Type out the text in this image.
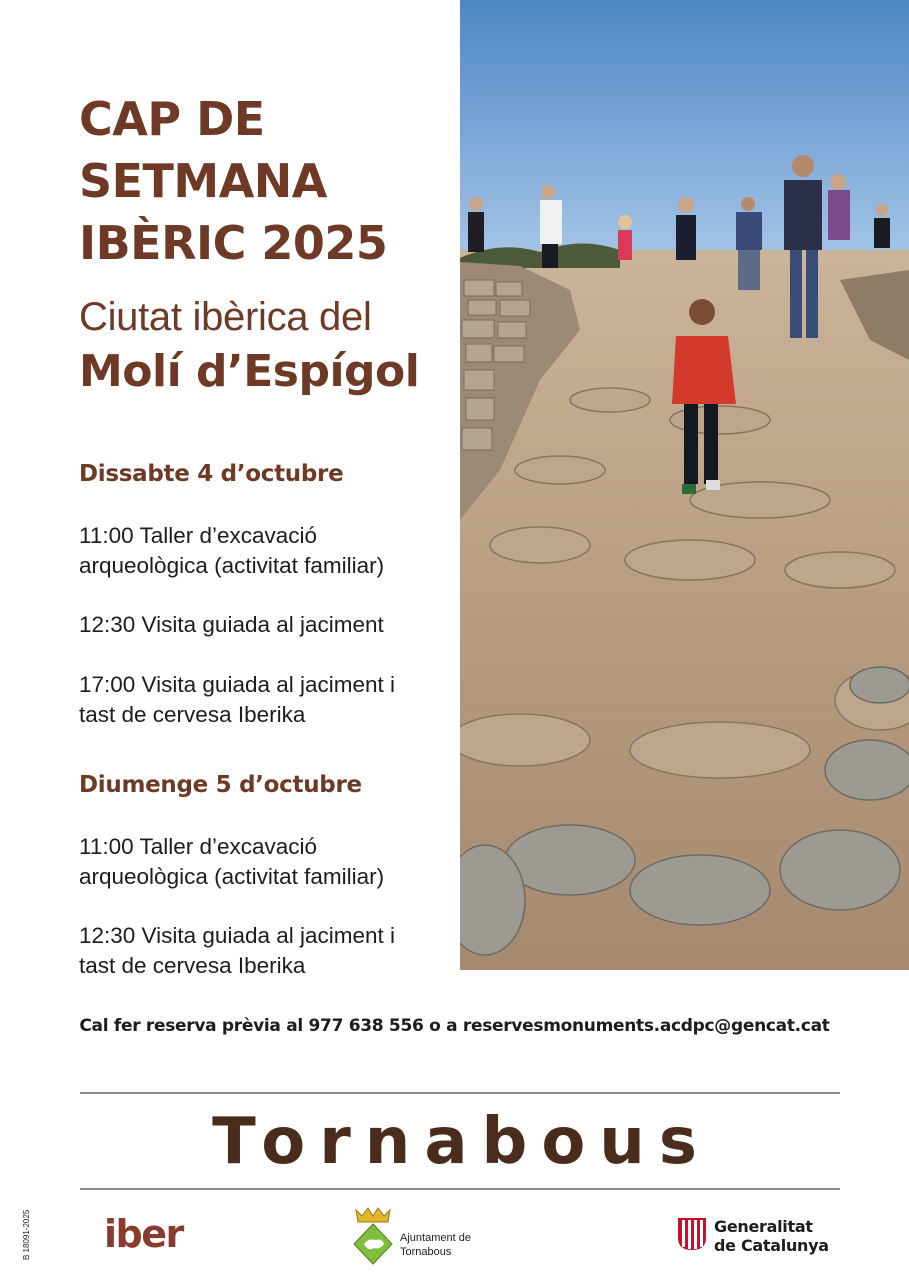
CAP DE
SETMANA
IBÈRIC 2025
Ciutat ibèrica del
Molí d’Espígol
Dissabte 4 d’octubre
11:00 Taller d’excavació
arqueològica (activitat familiar)
12:30 Visita guiada al jaciment
17:00 Visita guiada al jaciment i
tast de cervesa Iberika
Diumenge 5 d’octubre
11:00 Taller d’excavació
arqueològica (activitat familiar)
12:30 Visita guiada al jaciment i
tast de cervesa Iberika
Cal fer reserva prèvia al 977 638 556 o a reservesmonuments.acdpc@gencat.cat
Tornabous
B 18091-2025 iber	Ajuntament de
Tornabous
Generalitat
de Catalunya
